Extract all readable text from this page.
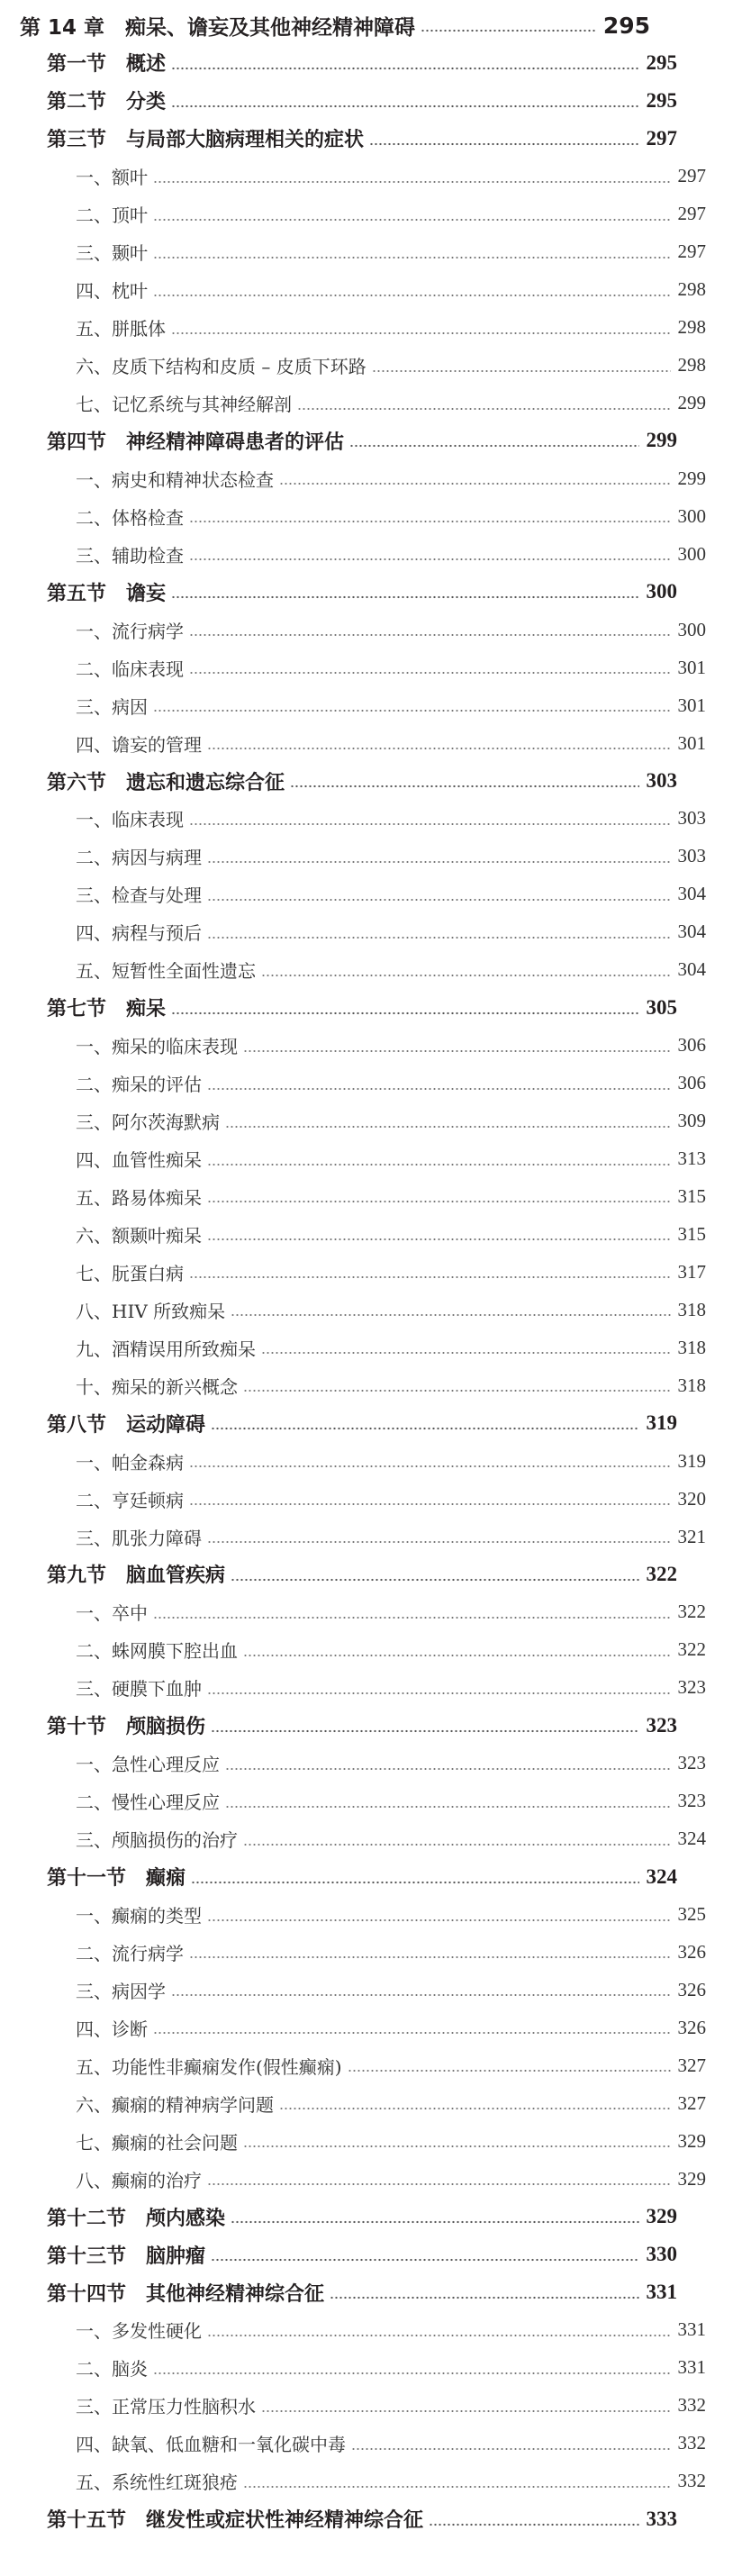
第 14 章　痴呆、谵妄及其他神经精神障碍	295
第一节　概述	295
第二节　分类	295
第三节　与局部大脑病理相关的症状	297
一、额叶	297
二、顶叶	297
三、颞叶	297
四、枕叶	298
五、胼胝体	298
六、皮质下结构和皮质 – 皮质下环路	298
七、记忆系统与其神经解剖	299
第四节　神经精神障碍患者的评估	299
一、病史和精神状态检查	299
二、体格检查	300
三、辅助检查	300
第五节　谵妄	300
一、流行病学	300
二、临床表现	301
三、病因	301
四、谵妄的管理	301
第六节　遗忘和遗忘综合征	303
一、临床表现	303
二、病因与病理	303
三、检查与处理	304
四、病程与预后	304
五、短暂性全面性遗忘	304
第七节　痴呆	305
一、痴呆的临床表现	306
二、痴呆的评估	306
三、阿尔茨海默病	309
四、血管性痴呆	313
五、路易体痴呆	315
六、额颞叶痴呆	315
七、朊蛋白病	317
八、HIV 所致痴呆	318
九、酒精误用所致痴呆	318
十、痴呆的新兴概念	318
第八节　运动障碍	319
一、帕金森病	319
二、亨廷顿病	320
三、肌张力障碍	321
第九节　脑血管疾病	322
一、卒中	322
二、蛛网膜下腔出血	322
三、硬膜下血肿	323
第十节　颅脑损伤	323
一、急性心理反应	323
二、慢性心理反应	323
三、颅脑损伤的治疗	324
第十一节　癫痫	324
一、癫痫的类型	325
二、流行病学	326
三、病因学	326
四、诊断	326
五、功能性非癫痫发作(假性癫痫)	327
六、癫痫的精神病学问题	327
七、癫痫的社会问题	329
八、癫痫的治疗	329
第十二节　颅内感染	329
第十三节　脑肿瘤	330
第十四节　其他神经精神综合征	331
一、多发性硬化	331
二、脑炎	331
三、正常压力性脑积水	332
四、缺氧、低血糖和一氧化碳中毒	332
五、系统性红斑狼疮	332
第十五节　继发性或症状性神经精神综合征	333
